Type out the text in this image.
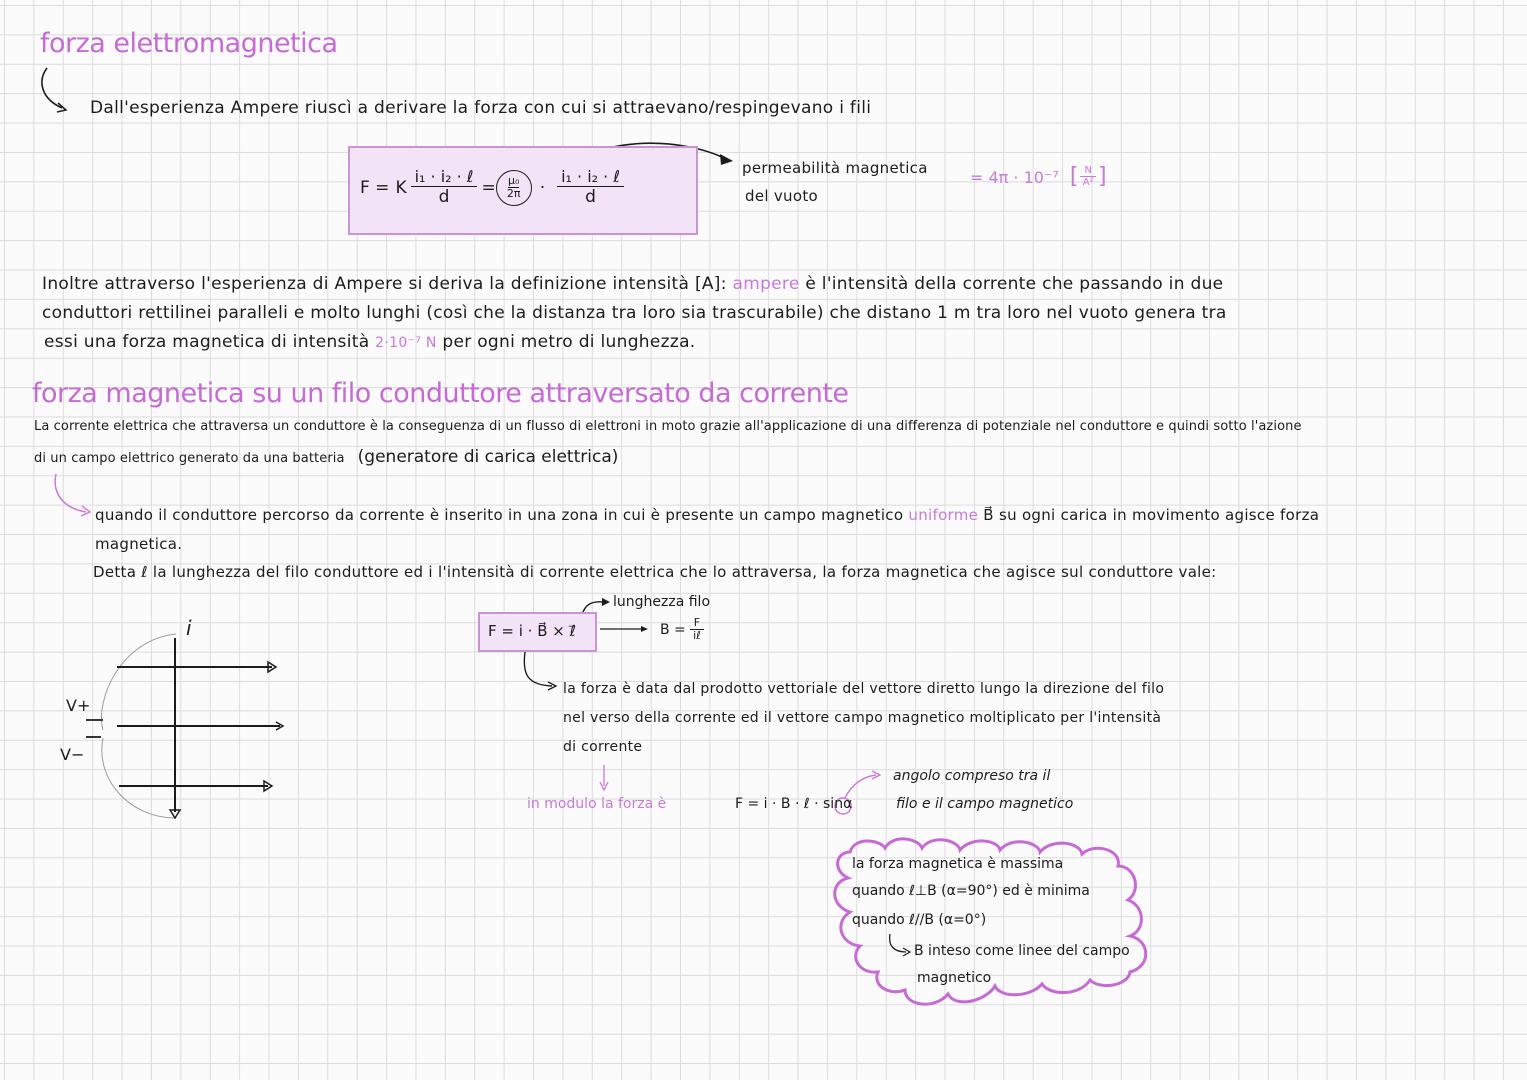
forza elettromagnetica
Dall'esperienza Ampere riuscì a derivare la forza con cui si attraevano/respingevano i fili
F = K $\frac{\text{i₁ · i₂ · ℓ}}{d} = \frac{\text{μ₀}}{2\pi} \cdot \frac{\text{i₁ · i₂ · ℓ}}{d}$	permeabilità magnetica
del vuoto
= 4π · 10⁻⁷ [ $\frac{N}{\text{A²}}$ ]
Inoltre attraverso l'esperienza di Ampere si deriva la definizione intensità [A]: ampere è l'intensità della corrente che passando in due
conduttori rettilinei paralleli e molto lunghi (così che la distanza tra loro sia trascurabile) che distano 1 m tra loro nel vuoto genera tra
essi una forza magnetica di intensità 2·10⁻⁷ N per ogni metro di lunghezza.
forza magnetica su un filo conduttore attraversato da corrente
La corrente elettrica che attraversa un conduttore è la conseguenza di un flusso di elettroni in moto grazie all'applicazione di una differenza di potenziale nel conduttore e quindi sotto l'azione
di un campo elettrico generato da una batteria (generatore di carica elettrica)
quando il conduttore percorso da corrente è inserito in una zona in cui è presente un campo magnetico uniforme B⃗ su ogni carica in movimento agisce forza
magnetica.
Detta ℓ la lunghezza del filo conduttore ed i l'intensità di corrente elettrica che lo attraversa, la forza magnetica che agisce sul conduttore vale:
i
V+
V−
F = i · B⃗ × ℓ⃗
lunghezza filo
$B = \frac{F}{\text{iℓ}}$
la forza è data dal prodotto vettoriale del vettore diretto lungo la direzione del filo
nel verso della corrente ed il vettore campo magnetico moltiplicato per l'intensità
di corrente
in modulo la forza è	F = i · B · ℓ · sinα
angolo compreso tra il
filo e il campo magnetico
la forza magnetica è massima
quando ℓ⊥B (α=90°) ed è minima
quando ℓ//B (α=0°)
B inteso come linee del campo
magnetico
